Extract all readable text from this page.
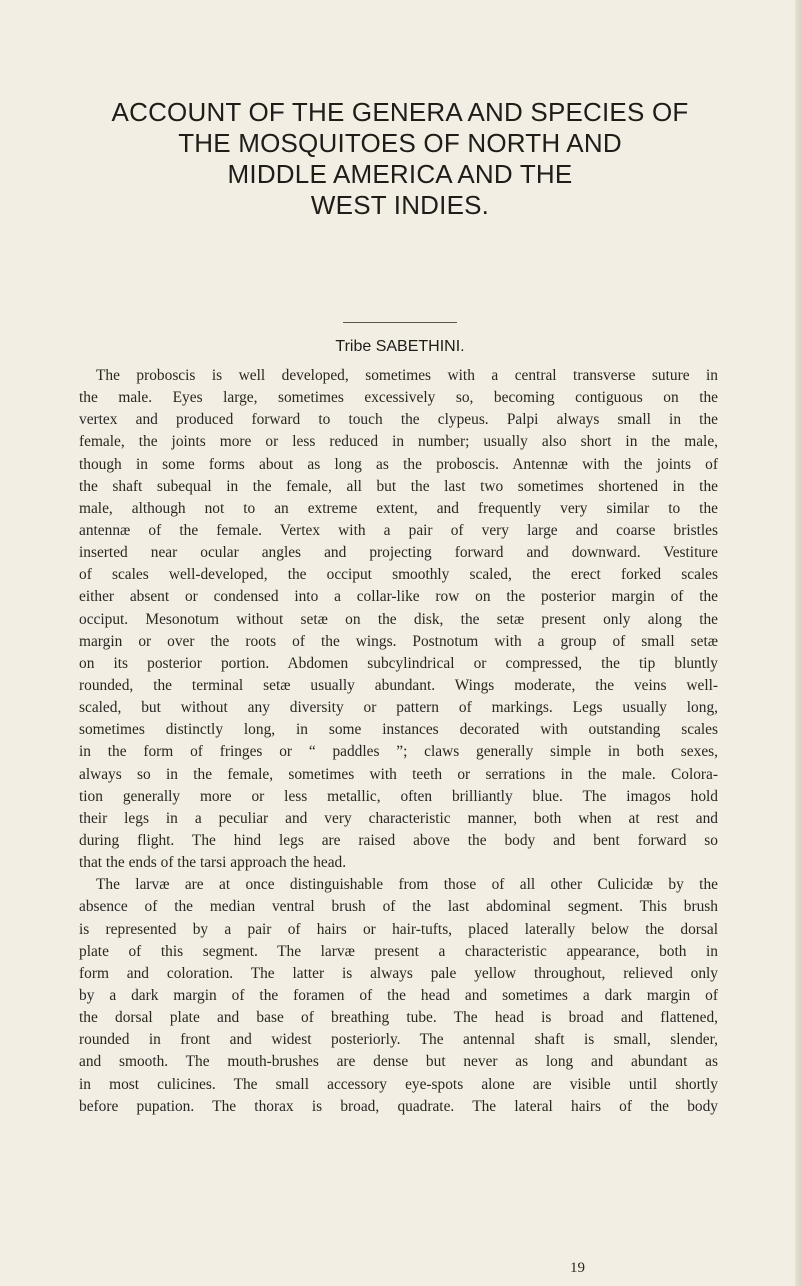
ACCOUNT OF THE GENERA AND SPECIES OF
THE MOSQUITOES OF NORTH AND
MIDDLE AMERICA AND THE
WEST INDIES.
Tribe SABETHINI.
The proboscis is well developed, sometimes with a central transverse suture in
the male. Eyes large, sometimes excessively so, becoming contiguous on the
vertex and produced forward to touch the clypeus. Palpi always small in the
female, the joints more or less reduced in number; usually also short in the male,
though in some forms about as long as the proboscis. Antennæ with the joints of
the shaft subequal in the female, all but the last two sometimes shortened in the
male, although not to an extreme extent, and frequently very similar to the
antennæ of the female. Vertex with a pair of very large and coarse bristles
inserted near ocular angles and projecting forward and downward. Vestiture
of scales well-developed, the occiput smoothly scaled, the erect forked scales
either absent or condensed into a collar-like row on the posterior margin of the
occiput. Mesonotum without setæ on the disk, the setæ present only along the
margin or over the roots of the wings. Postnotum with a group of small setæ
on its posterior portion. Abdomen subcylindrical or compressed, the tip bluntly
rounded, the terminal setæ usually abundant. Wings moderate, the veins well-
scaled, but without any diversity or pattern of markings. Legs usually long,
sometimes distinctly long, in some instances decorated with outstanding scales
in the form of fringes or “ paddles ”; claws generally simple in both sexes,
always so in the female, sometimes with teeth or serrations in the male. Colora-
tion generally more or less metallic, often brilliantly blue. The imagos hold
their legs in a peculiar and very characteristic manner, both when at rest and
during flight. The hind legs are raised above the body and bent forward so
that the ends of the tarsi approach the head.
The larvæ are at once distinguishable from those of all other Culicidæ by the
absence of the median ventral brush of the last abdominal segment. This brush
is represented by a pair of hairs or hair-tufts, placed laterally below the dorsal
plate of this segment. The larvæ present a characteristic appearance, both in
form and coloration. The latter is always pale yellow throughout, relieved only
by a dark margin of the foramen of the head and sometimes a dark margin of
the dorsal plate and base of breathing tube. The head is broad and flattened,
rounded in front and widest posteriorly. The antennal shaft is small, slender,
and smooth. The mouth-brushes are dense but never as long and abundant as
in most culicines. The small accessory eye-spots alone are visible until shortly
before pupation. The thorax is broad, quadrate. The lateral hairs of the body
19
